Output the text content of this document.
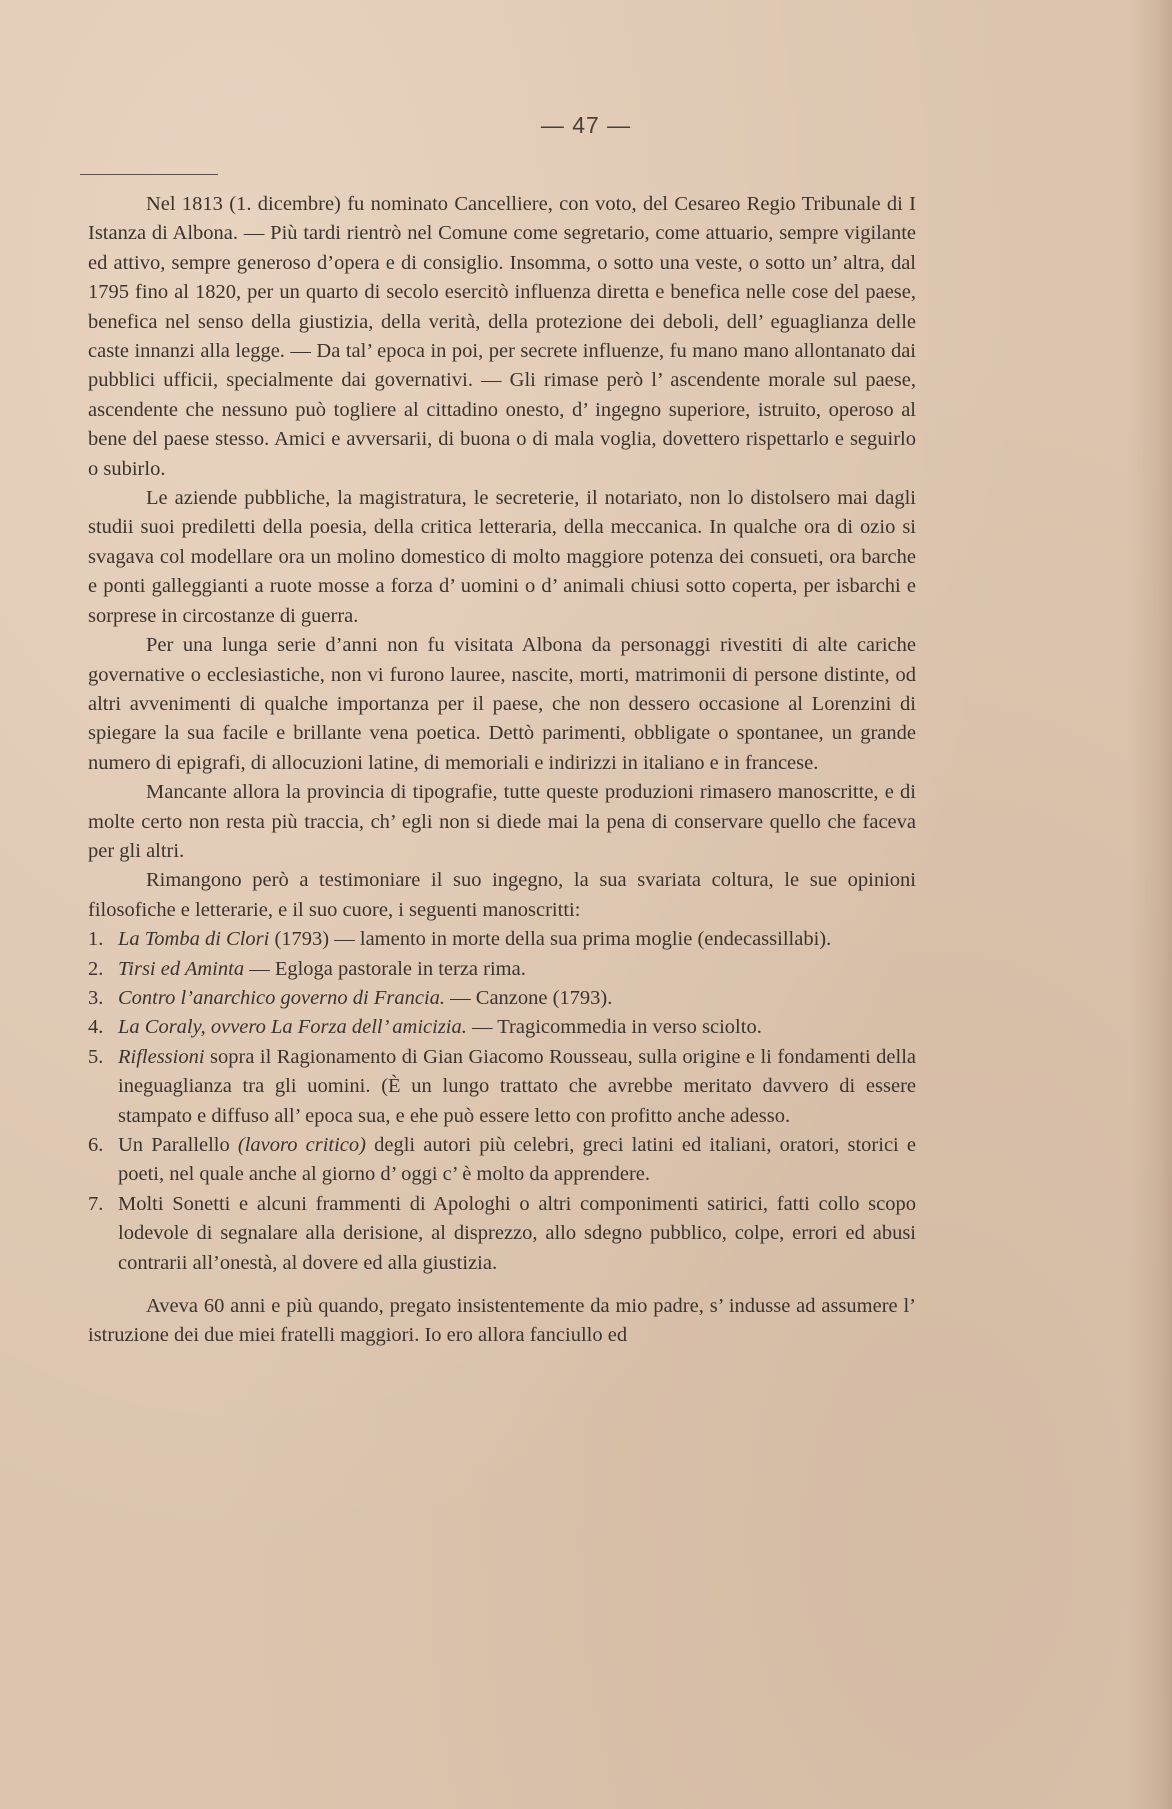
— 47 —

Nel 1813 (1. dicembre) fu nominato Cancelliere, con voto, del Cesareo Regio Tribunale di I Istanza di Albona. — Più tardi rientrò nel Comune come segretario, come attuario, sempre vigilante ed attivo, sempre generoso d’opera e di consiglio. Insomma, o sotto una veste, o sotto un’ altra, dal 1795 fino al 1820, per un quarto di secolo esercitò influenza diretta e benefica nelle cose del paese, benefica nel senso della giustizia, della verità, della protezione dei deboli, dell’ eguaglianza delle caste innanzi alla legge. — Da tal’ epoca in poi, per secrete influenze, fu mano mano allontanato dai pubblici ufficii, specialmente dai governativi. — Gli rimase però l’ ascendente morale sul paese, ascendente che nessuno può togliere al cittadino onesto, d’ ingegno superiore, istruito, operoso al bene del paese stesso. Amici e avversarii, di buona o di mala voglia, dovettero rispettarlo e seguirlo o subirlo.

Le aziende pubbliche, la magistratura, le secreterie, il notariato, non lo distolsero mai dagli studii suoi prediletti della poesia, della critica letteraria, della meccanica. In qualche ora di ozio si svagava col modellare ora un molino domestico di molto maggiore potenza dei consueti, ora barche e ponti galleggianti a ruote mosse a forza d’ uomini o d’ animali chiusi sotto coperta, per isbarchi e sorprese in circostanze di guerra.

Per una lunga serie d’anni non fu visitata Albona da personaggi rivestiti di alte cariche governative o ecclesiastiche, non vi furono lauree, nascite, morti, matrimonii di persone distinte, od altri avvenimenti di qualche importanza per il paese, che non dessero occasione al Lorenzini di spiegare la sua facile e brillante vena poetica. Dettò parimenti, obbligate o spontanee, un grande numero di epigrafi, di allocuzioni latine, di memoriali e indirizzi in italiano e in francese.

Mancante allora la provincia di tipografie, tutte queste produzioni rimasero manoscritte, e di molte certo non resta più traccia, ch’ egli non si diede mai la pena di conservare quello che faceva per gli altri.

Rimangono però a testimoniare il suo ingegno, la sua svariata coltura, le sue opinioni filosofiche e letterarie, e il suo cuore, i seguenti manoscritti:

1. La Tomba di Clori (1793) — lamento in morte della sua prima moglie (endecassillabi).
2. Tirsi ed Aminta — Egloga pastorale in terza rima.
3. Contro l’anarchico governo di Francia. — Canzone (1793).
4. La Coraly, ovvero La Forza dell’ amicizia. — Tragicommedia in verso sciolto.
5. Riflessioni sopra il Ragionamento di Gian Giacomo Rousseau, sulla origine e li fondamenti della ineguaglianza tra gli uomini. (È un lungo trattato che avrebbe meritato davvero di essere stampato e diffuso all’ epoca sua, e ehe può essere letto con profitto anche adesso.
6. Un Parallello (lavoro critico) degli autori più celebri, greci latini ed italiani, oratori, storici e poeti, nel quale anche al giorno d’ oggi c’ è molto da apprendere.
7. Molti Sonetti e alcuni frammenti di Apologhi o altri componimenti satirici, fatti collo scopo lodevole di segnalare alla derisione, al disprezzo, allo sdegno pubblico, colpe, errori ed abusi contrarii all’onestà, al dovere ed alla giustizia.

Aveva 60 anni e più quando, pregato insistentemente da mio padre, s’ indusse ad assumere l’ istruzione dei due miei fratelli maggiori. Io ero allora fanciullo ed
